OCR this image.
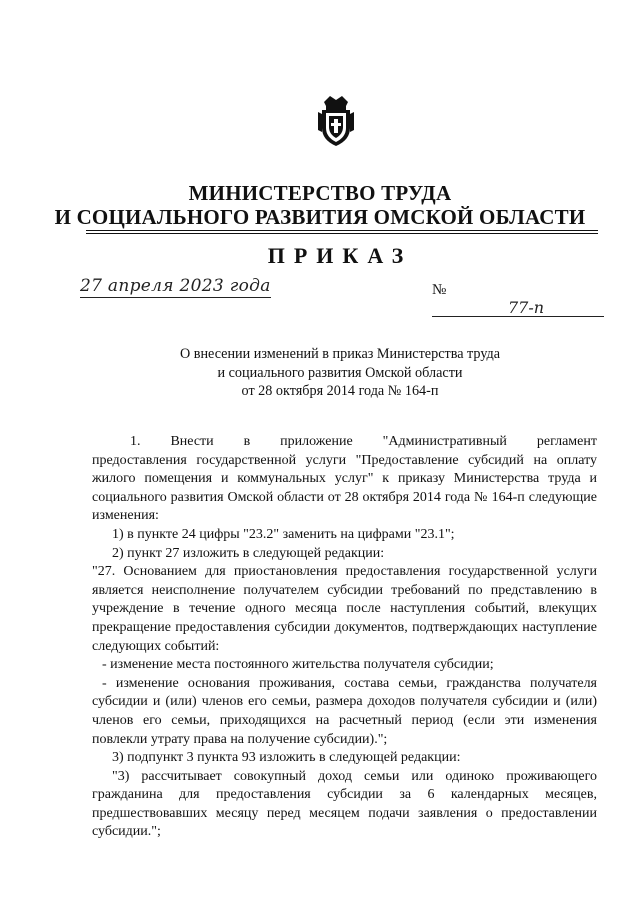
МИНИСТЕРСТВО ТРУДА
И СОЦИАЛЬНОГО РАЗВИТИЯ ОМСКОЙ ОБЛАСТИ
ПРИКАЗ
27 апреля 2023 года	№
77-п
О внесении изменений в приказ Министерства труда
и социального развития Омской области
от 28 октября 2014 года № 164-п

1. Внести в приложение "Административный регламент

предоставления государственной услуги "Предоставление субсидий на оплату жилого помещения и коммунальных услуг" к приказу Министерства труда и социального развития Омской области от 28 октября 2014 года № 164-п следующие изменения:

1) в пункте 24 цифры "23.2" заменить на цифрами "23.1";

2) пункт 27 изложить в следующей редакции:

"27. Основанием для приостановления предоставления государственной услуги является неисполнение получателем субсидии требований по представлению в учреждение в течение одного месяца после наступления событий, влекущих прекращение предоставления субсидии документов, подтверждающих наступление следующих событий:

- изменение места постоянного жительства получателя субсидии;

- изменение основания проживания, состава семьи, гражданства получателя субсидии и (или) членов его семьи, размера доходов получателя субсидии и (или) членов его семьи, приходящихся на расчетный период (если эти изменения повлекли утрату права на получение субсидии).";

3) подпункт 3 пункта 93 изложить в следующей редакции:

"3) рассчитывает совокупный доход семьи или одиноко проживающего гражданина для предоставления субсидии за 6 календарных месяцев, предшествовавших месяцу перед месяцем подачи заявления о предоставлении субсидии.";
